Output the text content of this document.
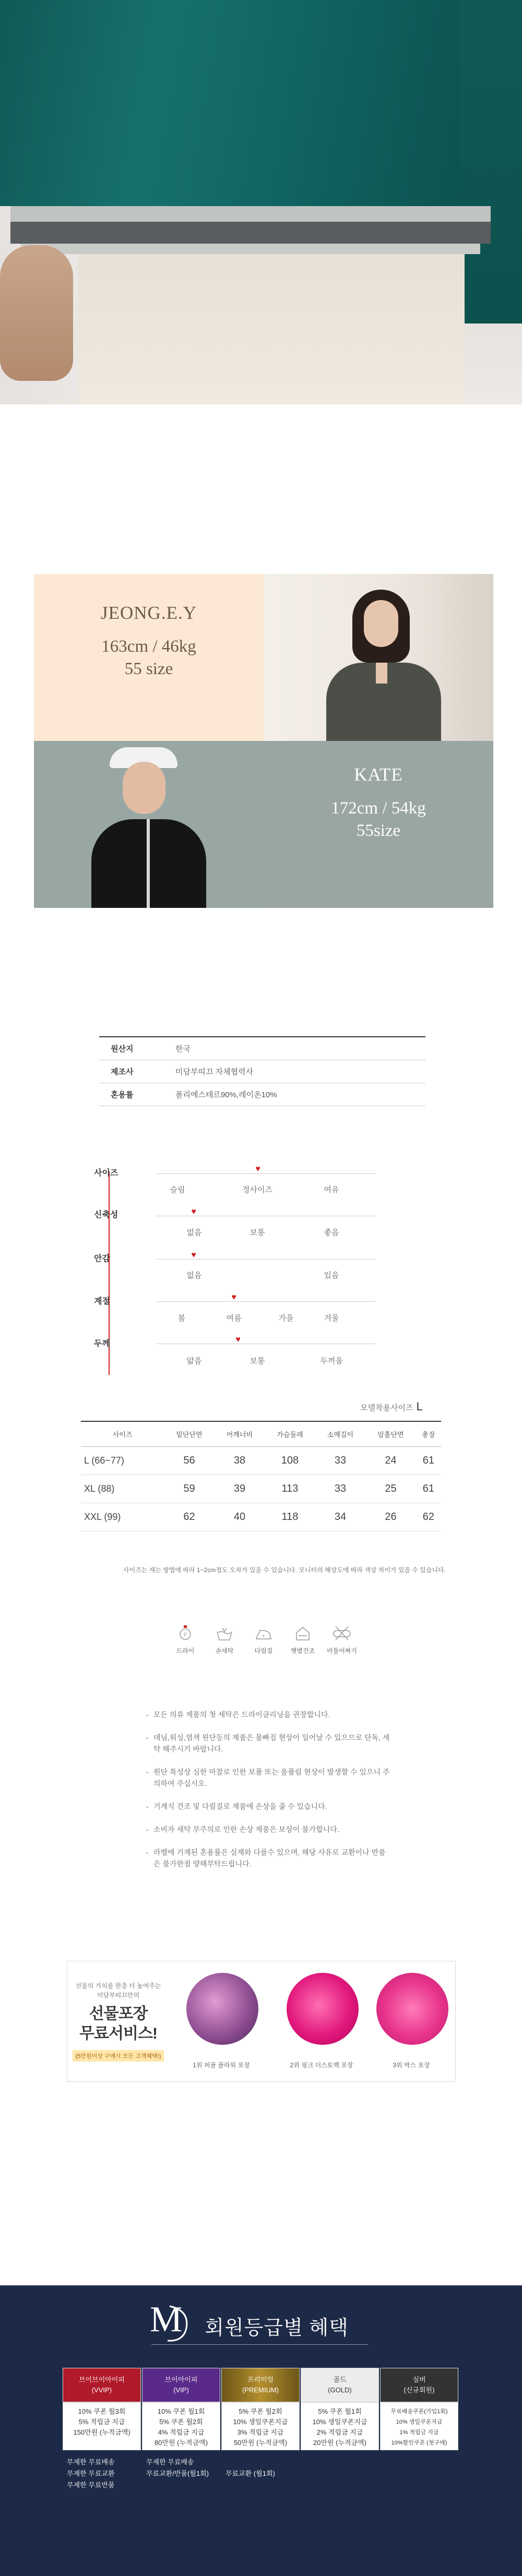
JEONG.E.Y
163cm / 46kg
55 size
KATE
172cm / 54kg
55size
원산지	한국
제조사	미담부띠끄 자체협력사
혼용률	폴리에스테르90%,레이온10%
사이즈	♥
슬림	정사이즈	여유
신축성	♥
없음	보통	좋음
안감	♥
없음	있음
계절	♥
봄	여름	가을	겨울
두께	♥
얇음	보통	두꺼움
모델착용사이즈 L
사이즈	밑단단면	어깨너비	가슴둘레	소매길이	암홀단면	총장
L (66~77)	56	38	108	33	24	61
XL (88)	59	39	113	33	25	61
XXL (99)	62	40	118	34	26	62
사이즈는 재는 방법에 따라 1~2cm정도 오차가 있을 수 있습니다. 모니터의 해상도에 따라 색상 차이가 있을 수 있습니다.
F
드라이	손세탁	다림질	햇볕건조	비틀어짜기
- 모든 의류 제품의 첫 세탁은 드라이클리닝을 권장합니다.
- 데님,워싱,염색 원단등의 제품은 물빠짐 현상이 일어날 수 있으므로 단독, 세탁 해주시기 바랍니다.
- 원단 특성상 심한 마찰로 인한 보풀 또는 올풀림 현상이 발생할 수 있으니 주의하여 주십시오.
- 기계식 건조 및 다림질로 제품에 손상을 줄 수 있습니다.
- 소비자 세탁 부주의로 인한 손상 제품은 보상이 불가합니다.
- 라벨에 기재된 혼용률은 실제와 다를수 있으며, 해당 사유로 교환이나 반품은 불가한점 양해부탁드립니다.
선물의 가치를 한층 더 높여주는
미담부띠끄만의
선물포장
무료서비스!
(5만원이상 구매시 모든 고객혜택!)
1위 퍼플 플라워 포장	2위 핑크 더스토백 포장	3위 박스 포장
M	회원등급별 혜택
브이브이아이피
(VVIP)
10% 쿠폰 월3회
5% 적립금 지급
150만원 (누적금액)
무제한 무료배송
무제한 무료교환
무제한 무료반품
브이아이피
(VIP)
10% 쿠폰 월1회
5% 쿠폰 월2회
4% 적립금 지급
80만원 (누적금액)
무제한 무료배송
무료교환/반품(월1회)
프리미엄
(PREMIUM)
5% 쿠폰 월2회
10% 생일쿠폰지급
3% 적립금 지급
50만원 (누적금액)
무료교환 (월1회)
골드
(GOLD)
5% 쿠폰 월1회
10% 생일쿠폰지급
2% 적립금 지급
20만원 (누적금액)
실버
(신규회원)
무료배송쿠폰(가입1회)
10% 생일쿠폰지급
1% 적립금 지급
10%할인쿠폰 (첫구매)
